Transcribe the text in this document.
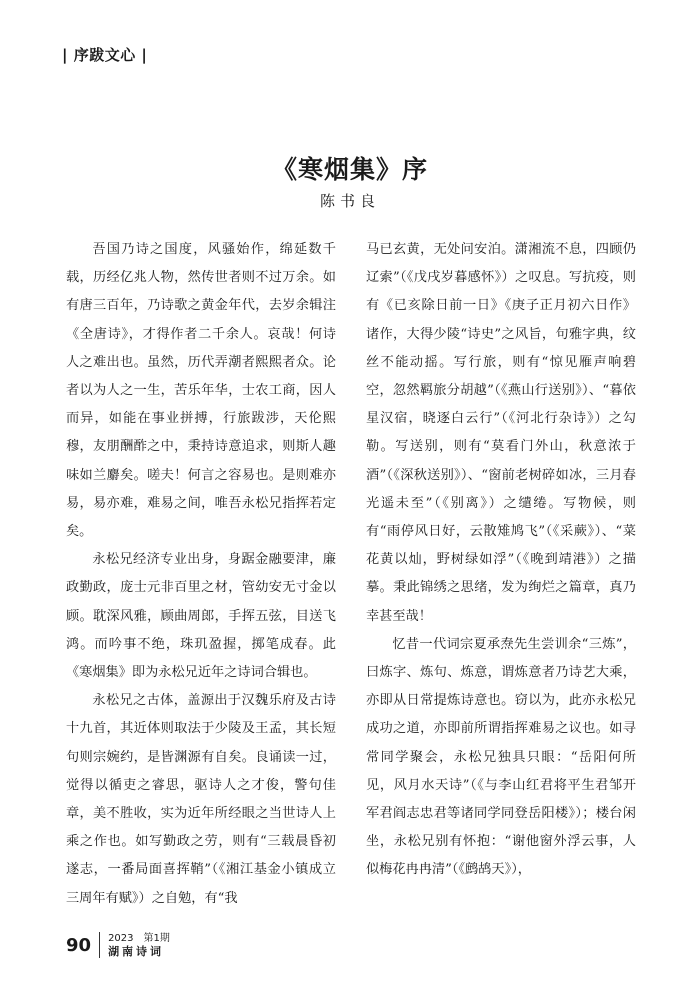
| 序跋文心 |
《寒烟集》序
陈书良

吾国乃诗之国度，风骚始作，绵延数千载，历经亿兆人物，然传世者则不过万余。如有唐三百年，乃诗歌之黄金年代，去岁余辑注《全唐诗》，才得作者二千余人。哀哉！何诗人之难出也。虽然，历代弄潮者熙熙者众。论者以为人之一生，苦乐年华，士农工商，因人而异，如能在事业拼搏，行旅跋涉，天伦熙穆，友朋酬酢之中，秉持诗意追求，则斯人趣味如兰麝矣。嗟夫！何言之容易也。是则难亦易，易亦难，难易之间，唯吾永松兄指挥若定矣。

永松兄经济专业出身，身踞金融要津，廉政勤政，庞士元非百里之材，管幼安无寸金以顾。耽深风雅，顾曲周郎，手挥五弦，目送飞鸿。而吟事不绝，珠玑盈握，掷笔成春。此《寒烟集》即为永松兄近年之诗词合辑也。

永松兄之古体，盖源出于汉魏乐府及古诗十九首，其近体则取法于少陵及王孟，其长短句则宗婉约，是皆渊源有自矣。良诵读一过，觉得以循吏之睿思，驱诗人之才俊，警句佳章，美不胜收，实为近年所经眼之当世诗人上乘之作也。如写勤政之劳，则有“三载晨昏初遂志，一番局面喜挥鞘”（《湘江基金小镇成立三周年有赋》）之自勉，有“我

马已玄黄，无处问安泊。潇湘流不息，四顾仍辽索”（《戊戌岁暮感怀》）之叹息。写抗疫，则有《已亥除日前一日》《庚子正月初六日作》诸作，大得少陵“诗史”之风旨，句雅字典，纹丝不能动摇。写行旅，则有“惊见雁声响碧空，忽然羁旅分胡越”（《燕山行送别》）、“暮依星汉宿，晓逐白云行”（《河北行杂诗》）之勾勒。写送别，则有“莫看门外山，秋意浓于酒”（《深秋送别》）、“窗前老树碎如冰，三月春光遥未至”（《别离》）之缱绻。写物候，则有“雨停风日好，云散雉鸠飞”（《采蕨》）、“菜花黄以灿，野树绿如浮”（《晚到靖港》）之描摹。秉此锦绣之思绪，发为绚烂之篇章，真乃幸甚至哉！

忆昔一代词宗夏承焘先生尝训余“三炼”，曰炼字、炼句、炼意，谓炼意者乃诗艺大乘，亦即从日常提炼诗意也。窃以为，此亦永松兄成功之道，亦即前所谓指挥难易之议也。如寻常同学聚会，永松兄独具只眼：“岳阳何所见，风月水天诗”（《与李山红君将平生君邹开军君阎志忠君等诸同学同登岳阳楼》）；楼台闲坐，永松兄别有怀抱：“谢他窗外浮云事，人似梅花冉冉清”（《鹧鸪天》），

90 2023　第1期
湖南诗词
